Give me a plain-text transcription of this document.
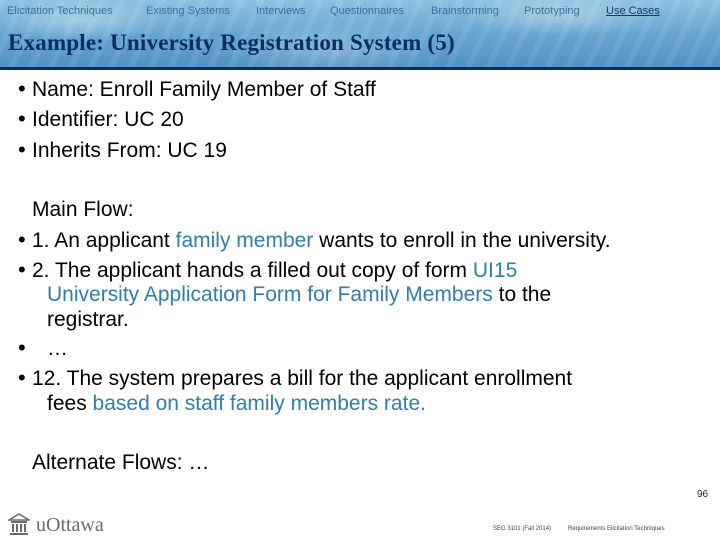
Elicitation Techniques	Existing Systems Interviews Questionnaires Brainstorming Prototyping Use Cases
Example: University Registration System (5)
• Name: Enroll Family Member of Staff
• Identifier: UC 20
• Inherits From: UC 19
Main Flow:
• 1. An applicant family member wants to enroll in the university.
• 2. The applicant hands a filled out copy of form UI15
University Application Form for Family Members to the
registrar.
• …
• 12. The system prepares a bill for the applicant enrollment
fees based on staff family members rate.
Alternate Flows: …
uOttawa	SEG 3101 (Fall 2014)	Requirements Elicitation Techniques
96
